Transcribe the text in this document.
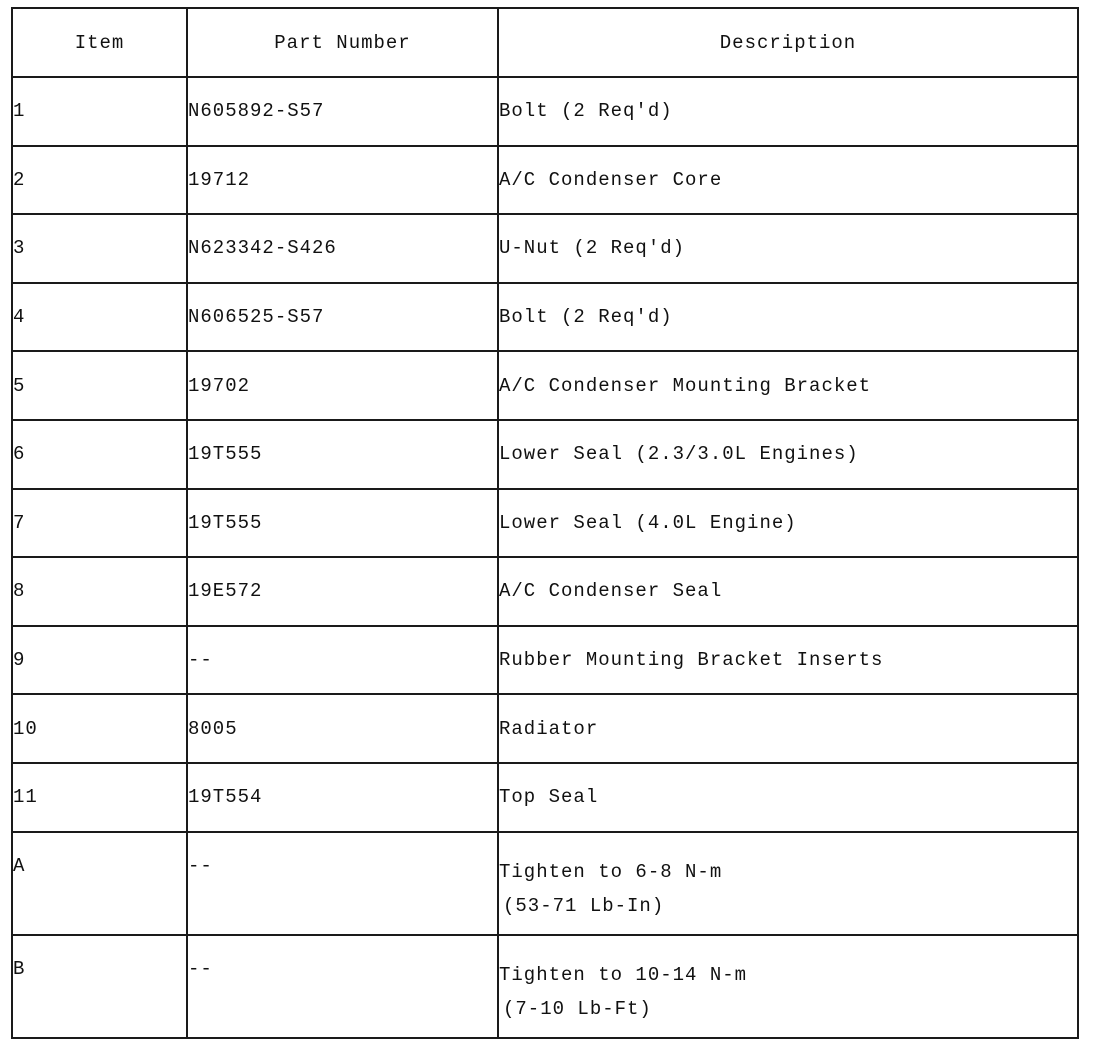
Item	Part Number	Description
1	N605892-S57	Bolt (2 Req'd)

2	19712	A/C Condenser Core

3	N623342-S426	U-Nut (2 Req'd)

4	N606525-S57	Bolt (2 Req'd)

5	19702	A/C Condenser Mounting Bracket

6	19T555	Lower Seal (2.3/3.0L Engines)

7	19T555	Lower Seal (4.0L Engine)

8	19E572	A/C Condenser Seal

9	--	Rubber Mounting Bracket Inserts

10	8005	Radiator

11	19T554	Top Seal

A	--	Tighten to 6-8 N-m
(53-71 Lb-In)

B	--	Tighten to 10-14 N-m
(7-10 Lb-Ft)
